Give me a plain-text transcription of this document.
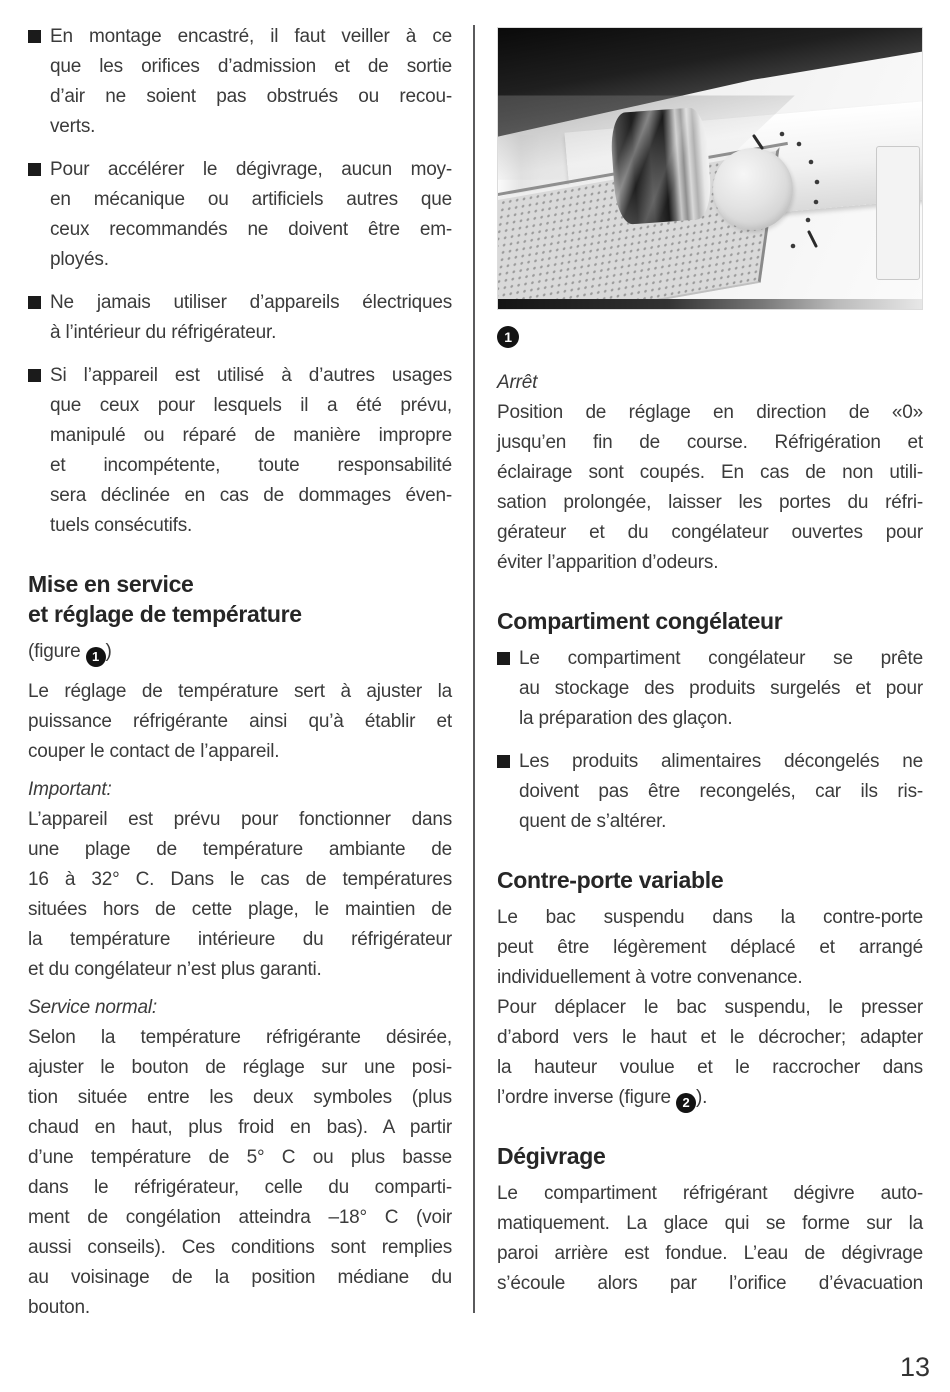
En montage encastré, il faut veiller à ce
que les orifices d’admission et de sortie
d’air ne soient pas obstrués ou recou-
verts.
Pour accélérer le dégivrage, aucun moy-
en mécanique ou artificiels autres que
ceux recommandés ne doivent être em-
ployés.
Ne jamais utiliser d’appareils électriques
à l’intérieur du réfrigérateur.
Si l’appareil est utilisé à d’autres usages
que ceux pour lesquels il a été prévu,
manipulé ou réparé de manière impropre
et incompétente, toute responsabilité
sera déclinée en cas de dommages éven-
tuels consécutifs.
Mise en service
et réglage de température
(figure 1 )
Le réglage de température sert à ajuster la
puissance réfrigérante ainsi qu’à établir et
couper le contact de l’appareil.
Important:
L’appareil est prévu pour fonctionner dans
une plage de température ambiante de
16 à 32° C. Dans le cas de températures
situées hors de cette plage, le maintien de
la température intérieure du réfrigérateur
et du congélateur n’est plus garanti.
Service normal:
Selon la température réfrigérante désirée,
ajuster le bouton de réglage sur une posi-
tion située entre les deux symboles (plus
chaud en haut, plus froid en bas). A partir
d’une température de 5° C ou plus basse
dans le réfrigérateur, celle du comparti-
ment de congélation atteindra –18° C (voir
aussi conseils). Ces conditions sont remplies
au voisinage de la position médiane du
bouton.
1
Arrêt
Position de réglage en direction de «0»
jusqu’en fin de course. Réfrigération et
éclairage sont coupés. En cas de non utili-
sation prolongée, laisser les portes du réfri-
gérateur et du congélateur ouvertes pour
éviter l’apparition d’odeurs.
Compartiment congélateur
Le compartiment congélateur se prête
au stockage des produits surgelés et pour
la préparation des glaçon.
Les produits alimentaires décongelés ne
doivent pas être recongelés, car ils ris-
quent de s’altérer.
Contre-porte variable
Le bac suspendu dans la contre-porte
peut être légèrement déplacé et arrangé
individuellement à votre convenance.
Pour déplacer le bac suspendu, le presser
d’abord vers le haut et le décrocher; adapter
la hauteur voulue et le raccrocher dans
l’ordre inverse (figure 2 ).
Dégivrage
Le compartiment réfrigérant dégivre auto-
matiquement. La glace qui se forme sur la
paroi arrière est fondue. L’eau de dégivrage
s’écoule alors par l’orifice d’évacuation
13
